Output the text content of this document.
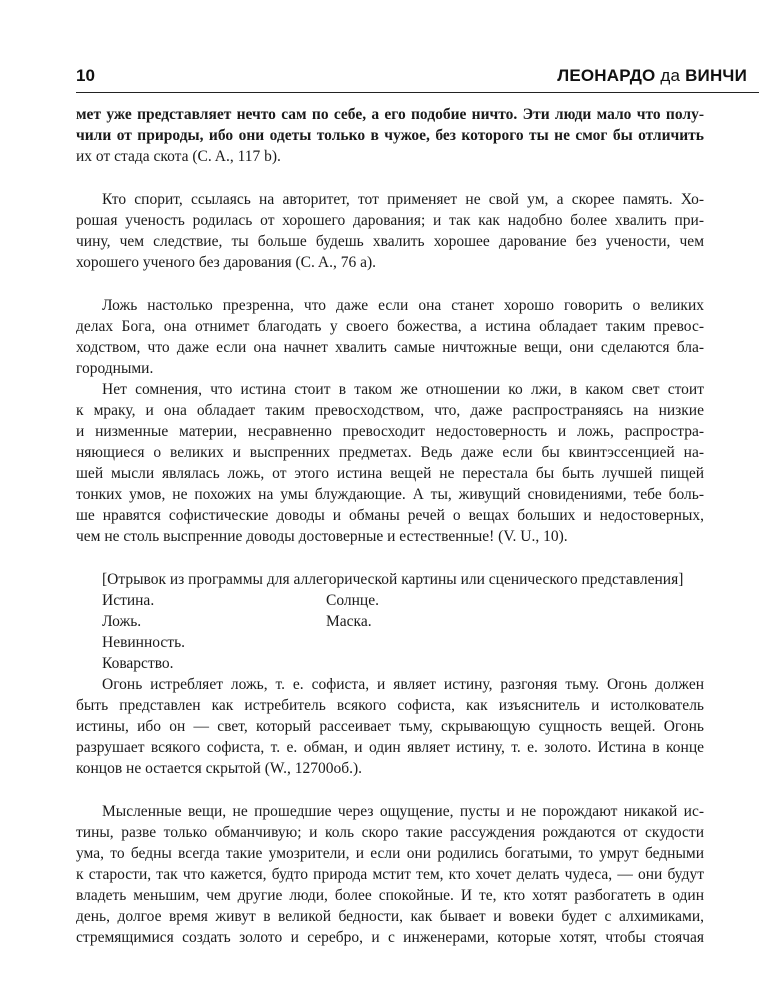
10	ЛЕОНАРДО да ВИНЧИ

мет уже представляет нечто сам по себе, а его подобие ничто. Эти люди мало что полу-
чили от природы, ибо они одеты только в чужое, без которого ты не смог бы отличить
их от стада скота (C. A., 117 b).

Кто спорит, ссылаясь на авторитет, тот применяет не свой ум, а скорее память. Хо-
рошая ученость родилась от хорошего дарования; и так как надобно более хвалить при-
чину, чем следствие, ты больше будешь хвалить хорошее дарование без учености, чем
хорошего ученого без дарования (C. A., 76 a).

Ложь настолько презренна, что даже если она станет хорошо говорить о великих
делах Бога, она отнимет благодать у своего божества, а истина обладает таким превос-
ходством, что даже если она начнет хвалить самые ничтожные вещи, они сделаются бла-
городными.

Нет сомнения, что истина стоит в таком же отношении ко лжи, в каком свет стоит
к мраку, и она обладает таким превосходством, что, даже распространяясь на низкие
и низменные материи, несравненно превосходит недостоверность и ложь, распростра-
няющиеся о великих и выспренних предметах. Ведь даже если бы квинтэссенцией на-
шей мысли являлась ложь, от этого истина вещей не перестала бы быть лучшей пищей
тонких умов, не похожих на умы блуждающие. А ты, живущий сновидениями, тебе боль-
ше нравятся софистические доводы и обманы речей о вещах больших и недостоверных,
чем не столь выспренние доводы достоверные и естественные! (V. U., 10).

[Отрывок из программы для аллегорической картины или сценического представления]

Истина.	Солнце.
Ложь.	Маска.
Невинность.
Коварство.

Огонь истребляет ложь, т. е. софиста, и являет истину, разгоняя тьму. Огонь должен
быть представлен как истребитель всякого софиста, как изъяснитель и истолкователь
истины, ибо он — свет, который рассеивает тьму, скрывающую сущность вещей. Огонь
разрушает всякого софиста, т. е. обман, и один являет истину, т. е. золото. Истина в конце
концов не остается скрытой (W., 12700об.).

Мысленные вещи, не прошедшие через ощущение, пусты и не порождают никакой ис-
тины, разве только обманчивую; и коль скоро такие рассуждения рождаются от скудости
ума, то бедны всегда такие умозрители, и если они родились богатыми, то умрут бедными
к старости, так что кажется, будто природа мстит тем, кто хочет делать чудеса, — они будут
владеть меньшим, чем другие люди, более спокойные. И те, кто хотят разбогатеть в один
день, долгое время живут в великой бедности, как бывает и вовеки будет с алхимиками,
стремящимися создать золото и серебро, и с инженерами, которые хотят, чтобы стоячая
